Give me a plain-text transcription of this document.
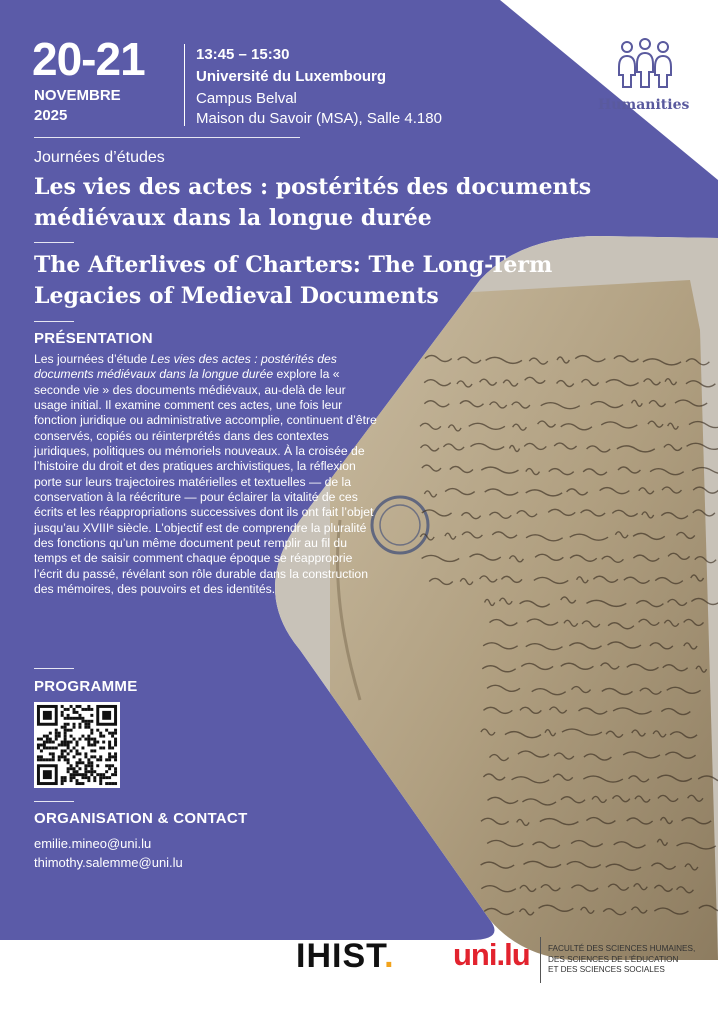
20-21
NOVEMBRE
2025
13:45 – 15:30
Université du Luxembourg
Campus Belval
Maison du Savoir (MSA), Salle 4.180
Humanities
Journées d’études
Les vies des actes : postérités des documents
médiévaux dans la longue durée
The Afterlives of Charters: The Long-Term
Legacies of Medieval Documents
PRÉSENTATION
Les journées d’étude Les vies des actes : postérités des documents médiévaux dans la longue durée explore la « seconde vie » des documents médiévaux, au-delà de leur usage initial. Il examine comment ces actes, une fois leur fonction juridique ou administrative accomplie, continuent d’être conservés, copiés ou réinterprétés dans des contextes juridiques, politiques ou mémoriels nouveaux. À la croisée de l’histoire du droit et des pratiques archivistiques, la réflexion porte sur leurs trajectoires matérielles et textuelles — de la conservation à la réécriture — pour éclairer la vitalité de ces écrits et les réappropriations successives dont ils ont fait l’objet jusqu’au XVIIIᵉ siècle. L’objectif est de comprendre la pluralité des fonctions qu’un même document peut remplir au fil du temps et de saisir comment chaque époque se réapproprie l’écrit du passé, révélant son rôle durable dans la construction des mémoires, des pouvoirs et des identités.
PROGRAMME
ORGANISATION & CONTACT
emilie.mineo@uni.lu
thimothy.salemme@uni.lu
IHIST. uni.lu FACULTÉ DES SCIENCES HUMAINES,
DES SCIENCES DE L’ÉDUCATION
ET DES SCIENCES SOCIALES
